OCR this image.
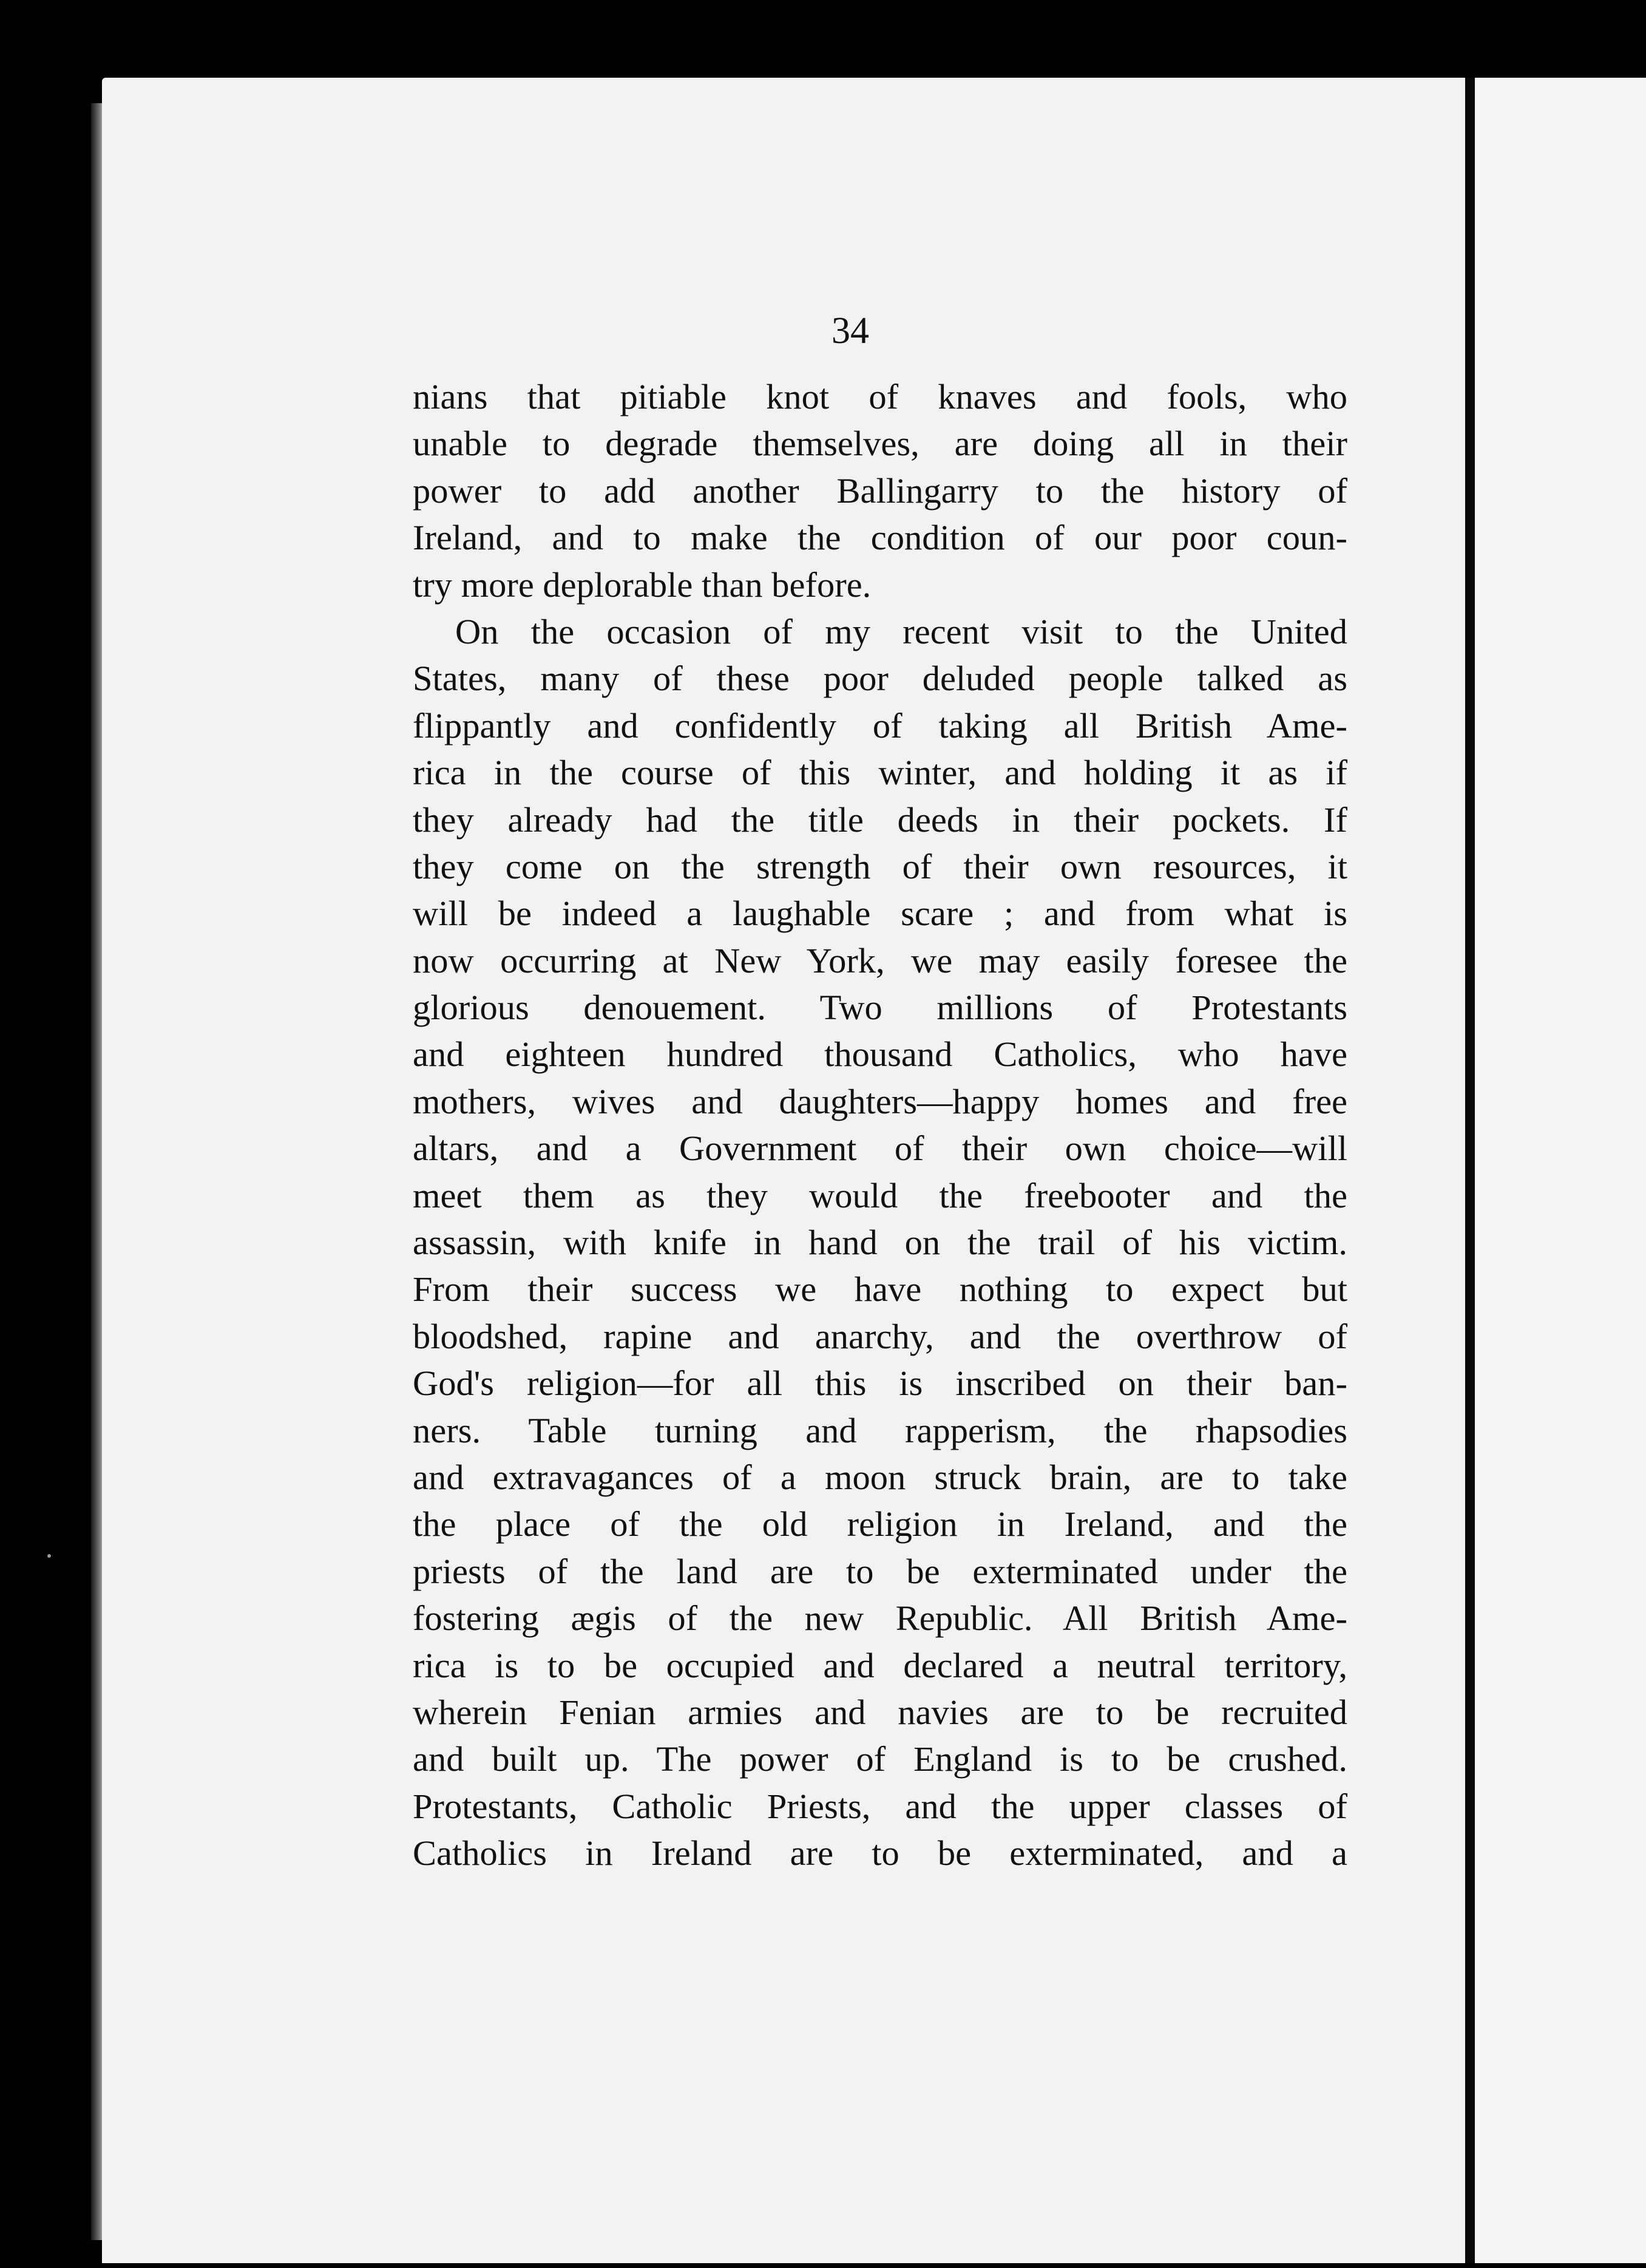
34
nians that pitiable knot of knaves and fools, who
unable to degrade themselves, are doing all in their
power to add another Ballingarry to the history of
Ireland, and to make the condition of our poor coun-
try more deplorable than before.
On the occasion of my recent visit to the United
States, many of these poor deluded people talked as
flippantly and confidently of taking all British Ame-
rica in the course of this winter, and holding it as if
they already had the title deeds in their pockets. If
they come on the strength of their own resources, it
will be indeed a laughable scare ; and from what is
now occurring at New York, we may easily foresee the
glorious denouement. Two millions of Protestants
and eighteen hundred thousand Catholics, who have
mothers, wives and daughters—happy homes and free
altars, and a Government of their own choice—will
meet them as they would the freebooter and the
assassin, with knife in hand on the trail of his victim.
From their success we have nothing to expect but
bloodshed, rapine and anarchy, and the overthrow of
God's religion—for all this is inscribed on their ban-
ners. Table turning and rapperism, the rhapsodies
and extravagances of a moon struck brain, are to take
the place of the old religion in Ireland, and the
priests of the land are to be exterminated under the
fostering ægis of the new Republic. All British Ame-
rica is to be occupied and declared a neutral territory,
wherein Fenian armies and navies are to be recruited
and built up. The power of England is to be crushed.
Protestants, Catholic Priests, and the upper classes of
Catholics in Ireland are to be exterminated, and a
